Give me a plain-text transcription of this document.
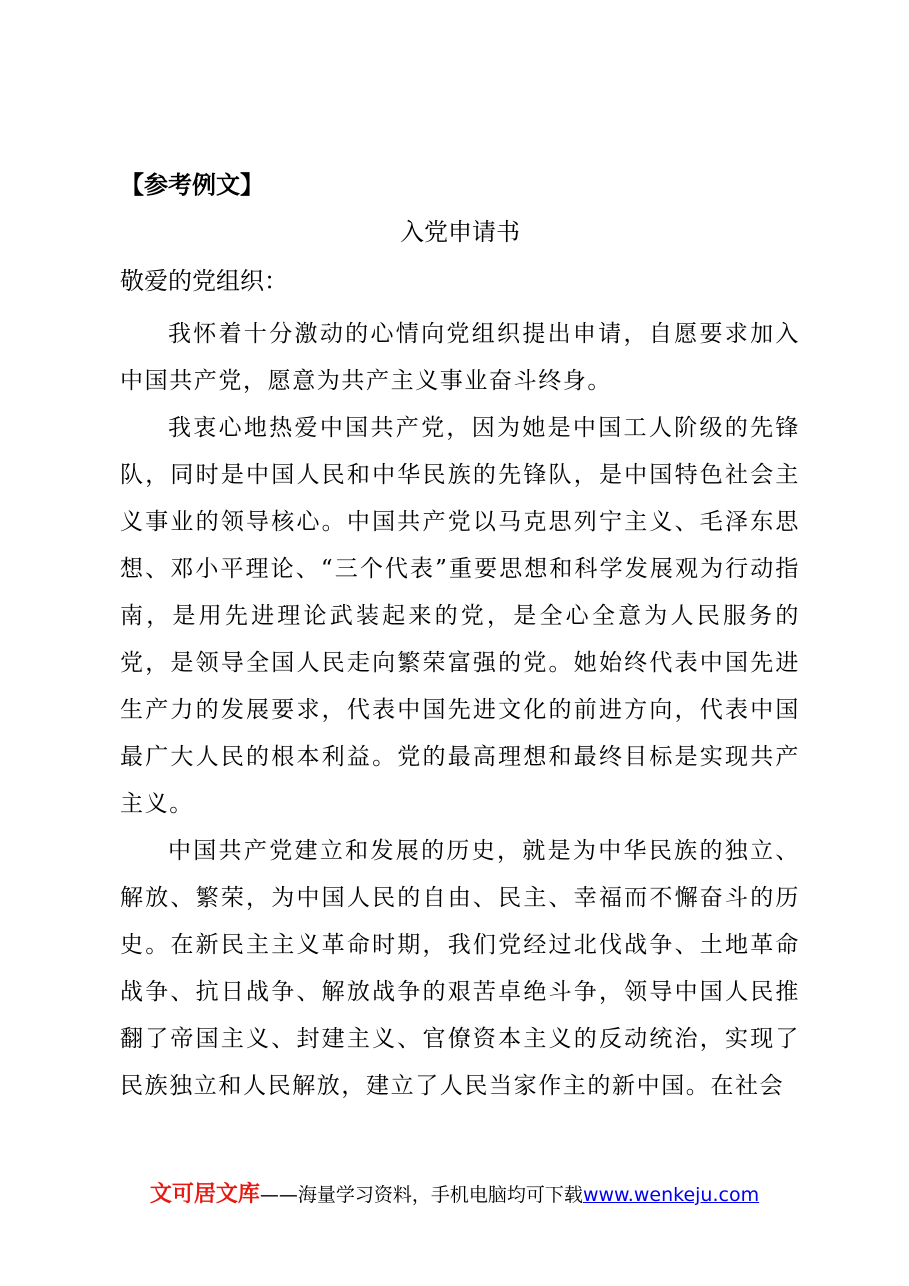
【参考例文】
入党申请书
敬爱的党组织：

我怀着十分激动的心情向党组织提出申请，自愿要求加入中国共产党，愿意为共产主义事业奋斗终身。

我衷心地热爱中国共产党，因为她是中国工人阶级的先锋队，同时是中国人民和中华民族的先锋队，是中国特色社会主义事业的领导核心。中国共产党以马克思列宁主义、毛泽东思想、邓小平理论、“三个代表”重要思想和科学发展观为行动指南，是用先进理论武装起来的党，是全心全意为人民服务的党，是领导全国人民走向繁荣富强的党。她始终代表中国先进生产力的发展要求，代表中国先进文化的前进方向，代表中国最广大人民的根本利益。党的最高理想和最终目标是实现共产主义。

中国共产党建立和发展的历史，就是为中华民族的独立、解放、繁荣，为中国人民的自由、民主、幸福而不懈奋斗的历史。在新民主主义革命时期，我们党经过北伐战争、土地革命战争、抗日战争、解放战争的艰苦卓绝斗争，领导中国人民推翻了帝国主义、封建主义、官僚资本主义的反动统治，实现了民族独立和人民解放，建立了人民当家作主的新中国。在社会

文可居文库——海量学习资料，手机电脑均可下载www.wenkeju.com
